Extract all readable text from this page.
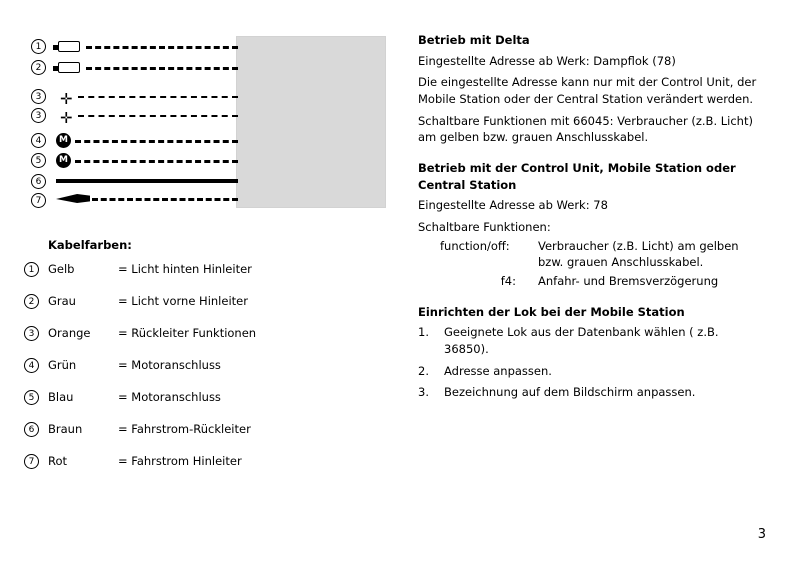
1
2
3	✛
3	✛
4	M
5	M
6
7
Kabelfarben:
1	Gelb	= Licht hinten Hinleiter
2	Grau	= Licht vorne Hinleiter
3	Orange = Rückleiter Funktionen
4	Grün	= Motoranschluss
5	Blau	= Motoranschluss
6	Braun	= Fahrstrom-Rückleiter
7	Rot	= Fahrstrom Hinleiter
Betrieb mit Delta
Eingestellte Adresse ab Werk: Dampflok (78)
Die eingestellte Adresse kann nur mit der Control Unit, der Mobile Station oder der Central Station verändert werden.
Schaltbare Funktionen mit 66045: Verbraucher (z.B. Licht) am gelben bzw. grauen Anschlusskabel.
Betrieb mit der Control Unit, Mobile Station oder Central Station
Eingestellte Adresse ab Werk: 78
Schaltbare Funktionen:
function/off:	Verbraucher (z.B. Licht) am gelben bzw. grauen Anschlusskabel.
f4: Anfahr- und Bremsverzögerung
Einrichten der Lok bei der Mobile Station
1. Geeignete Lok aus der Datenbank wählen ( z.B. 36850).
2. Adresse anpassen.
3. Bezeichnung auf dem Bildschirm anpassen.
3
